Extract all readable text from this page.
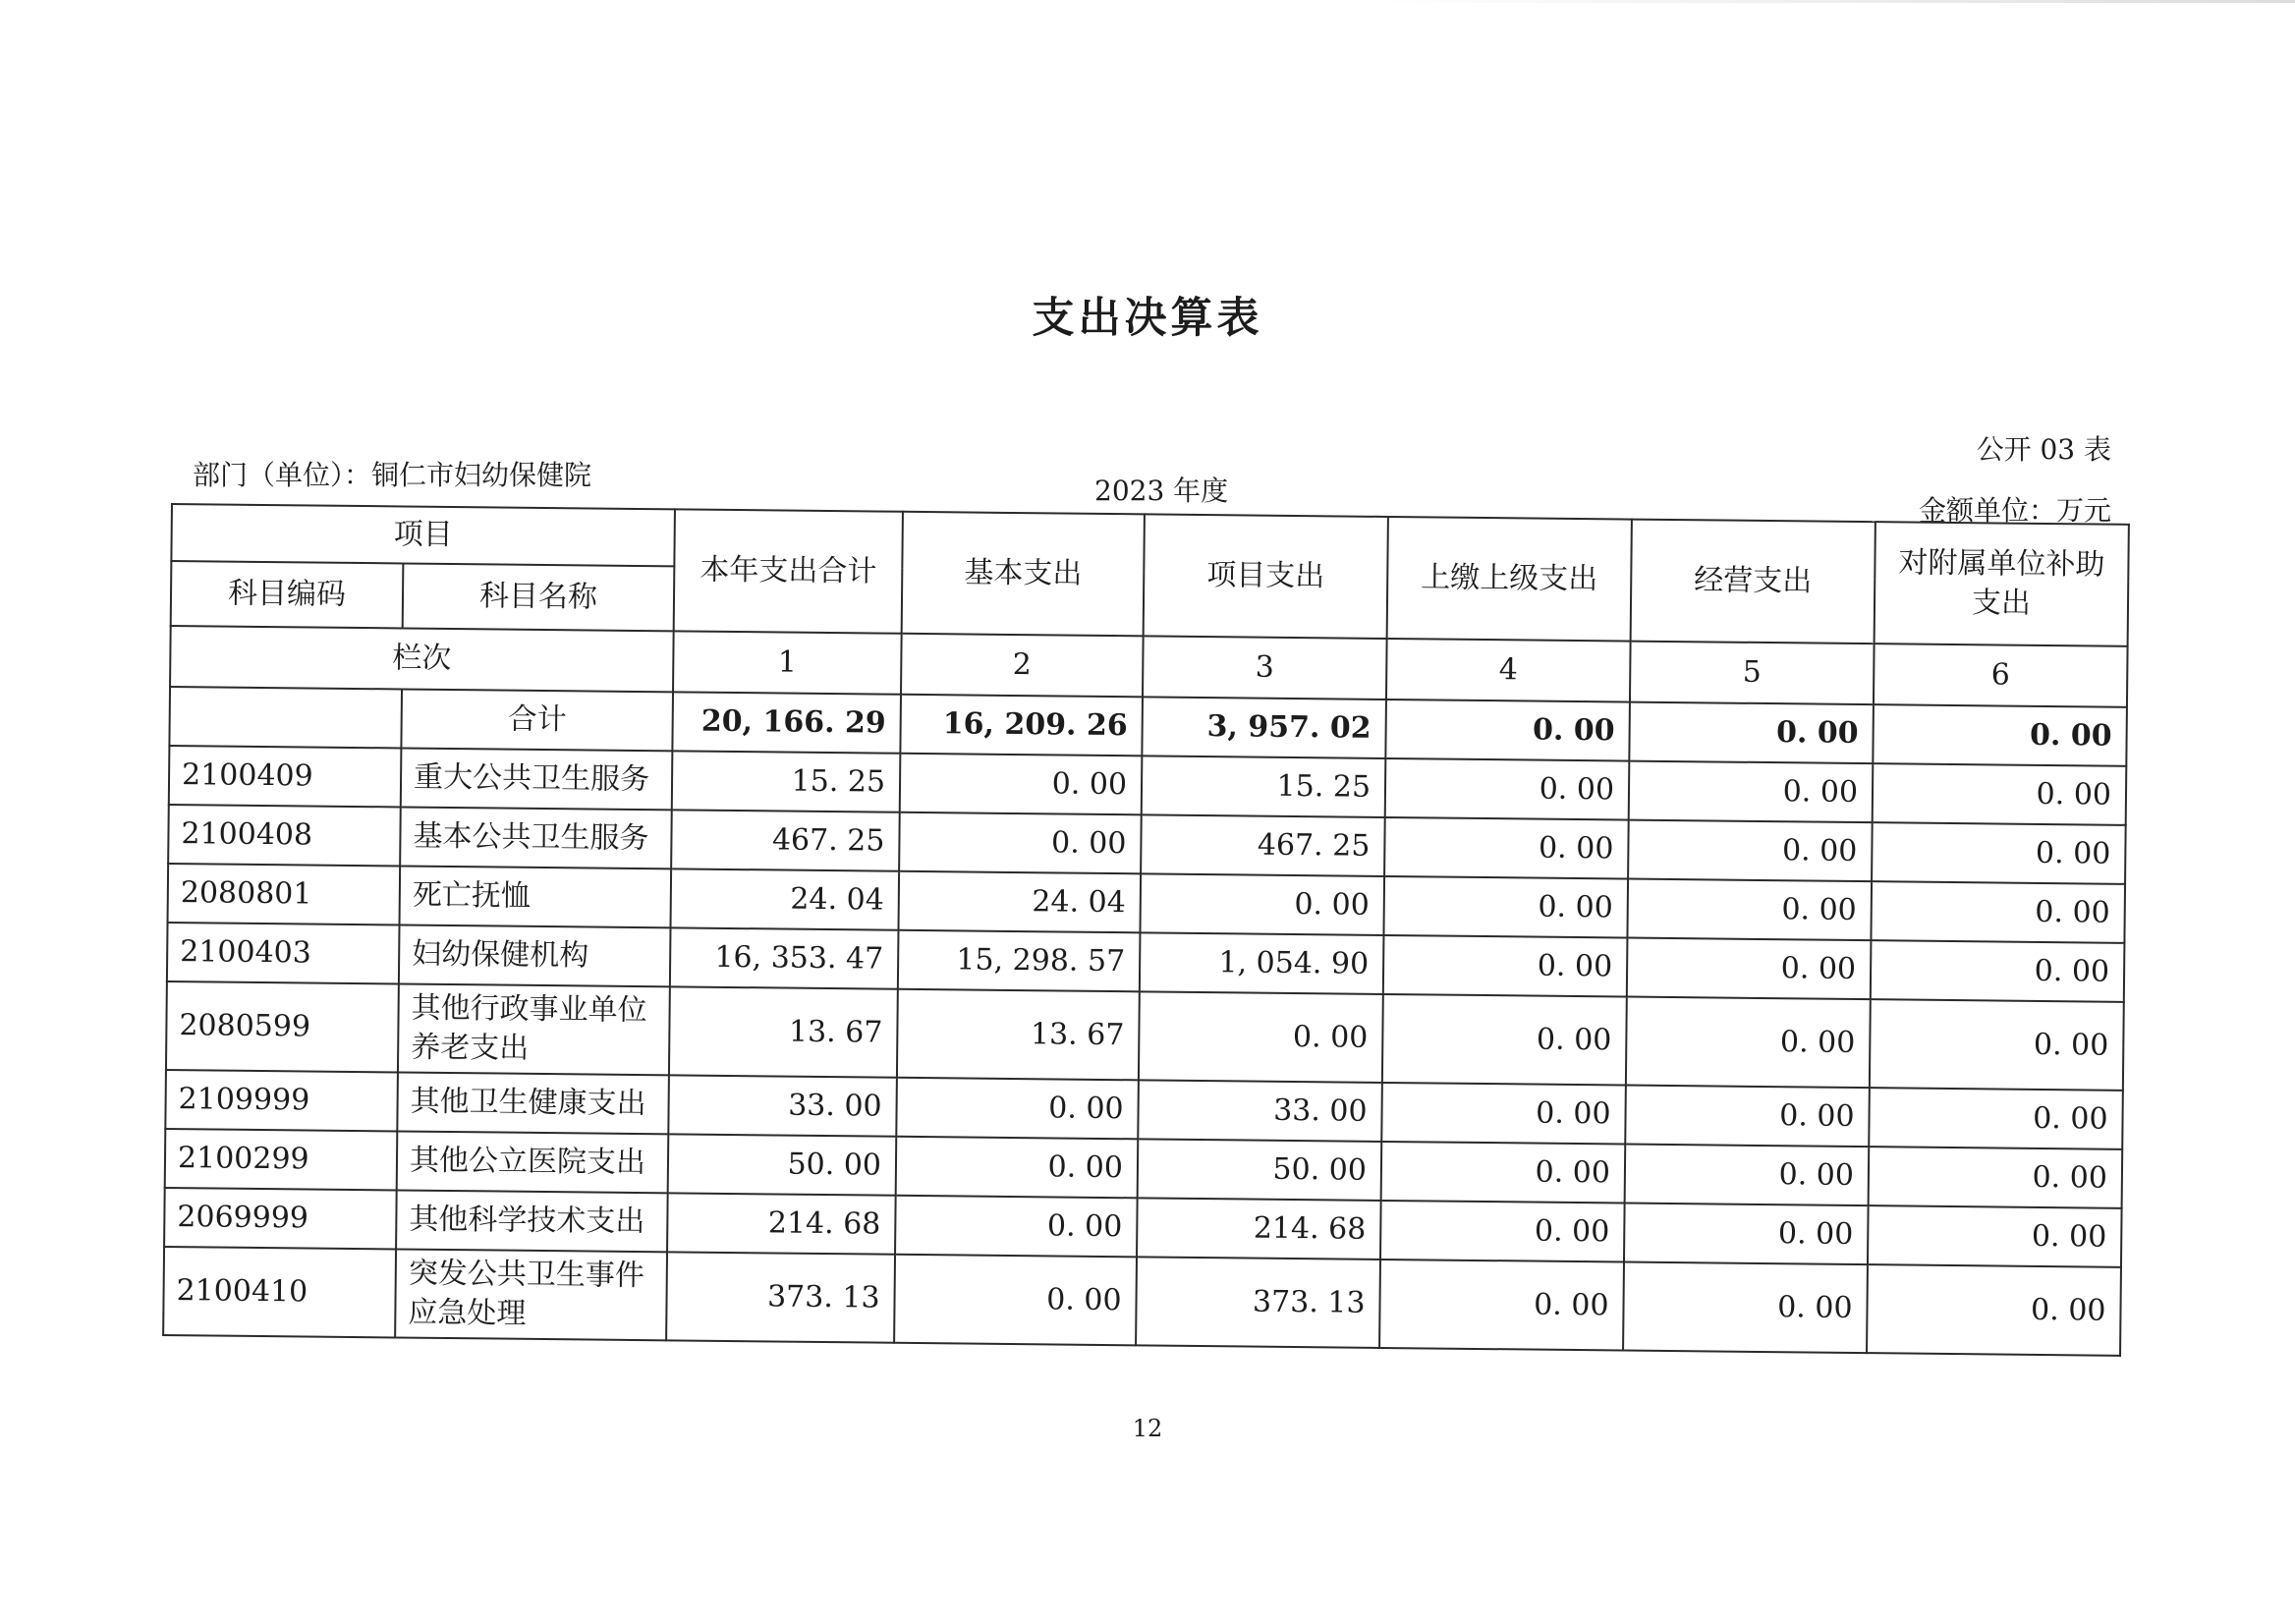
支出决算表
部门（单位）：铜仁市妇幼保健院	2023 年度
公开 03 表
金额单位：万元
项目		本年支出合计	基本支出	项目支出	上缴上级支出	经营支出	对附属单位补助支出
科目编码	科目名称						
栏次		1	2	3	4	5	6
	合计	20, 166. 29	16, 209. 26	3, 957. 02	0. 00	0. 00	0. 00
2100409	重大公共卫生服务	15. 25	0. 00	15. 25	0. 00	0. 00	0. 00
2100408	基本公共卫生服务	467. 25	0. 00	467. 25	0. 00	0. 00	0. 00
2080801	死亡抚恤	24. 04	24. 04	0. 00	0. 00	0. 00	0. 00
2100403	妇幼保健机构	16, 353. 47	15, 298. 57	1, 054. 90	0. 00	0. 00	0. 00
2080599	其他行政事业单位养老支出	13. 67	13. 67	0. 00	0. 00	0. 00	0. 00
2109999	其他卫生健康支出	33. 00	0. 00	33. 00	0. 00	0. 00	0. 00
2100299	其他公立医院支出	50. 00	0. 00	50. 00	0. 00	0. 00	0. 00
2069999	其他科学技术支出	214. 68	0. 00	214. 68	0. 00	0. 00	0. 00
2100410	突发公共卫生事件应急处理	373. 13	0. 00	373. 13	0. 00	0. 00	0. 00
12
